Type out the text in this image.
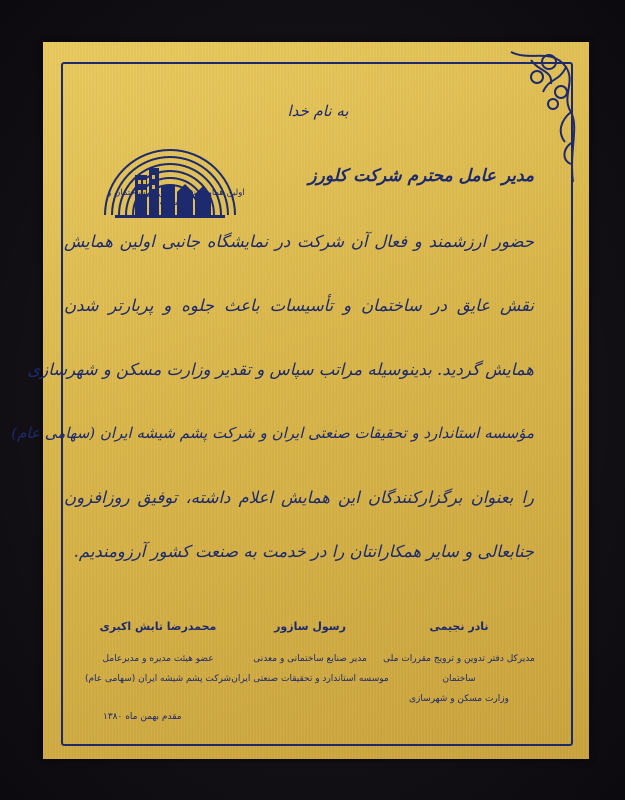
به نام خدا
اولین همایش نقش عایق در ساختمان و تأسیسات
مدیر عامل محترم شرکت کلورز
حضور ارزشمند و فعال آن شرکت در نمایشگاه جانبی اولین همایش
نقش عایق در ساختمان و تأسیسات باعث جلوه و پربارتر شدن
همایش گردید. بدینوسیله مراتب سپاس و تقدیر وزارت مسکن و شهرسازی
مؤسسه استاندارد و تحقیقات صنعتی ایران و شرکت پشم شیشه ایران (سهامی عام)
را بعنوان برگزارکنندگان این همایش اعلام داشته، توفیق روزافزون
جنابعالی و سایر همکارانتان را در خدمت به صنعت کشور آرزومندیم.
نادر نجیمی
مدیرکل دفتر تدوین و ترویج مقررات ملی ساختمان
وزارت مسکن و شهرسازی
رسول سازور
مدیر صنایع ساختمانی و معدنی
موسسه استاندارد و تحقیقات صنعتی ایران
محمدرضا تابش اکبری
عضو هیئت مدیره و مدیرعامل
شرکت پشم شیشه ایران (سهامی عام)
مقدم بهمن ماه ۱۳۸۰
